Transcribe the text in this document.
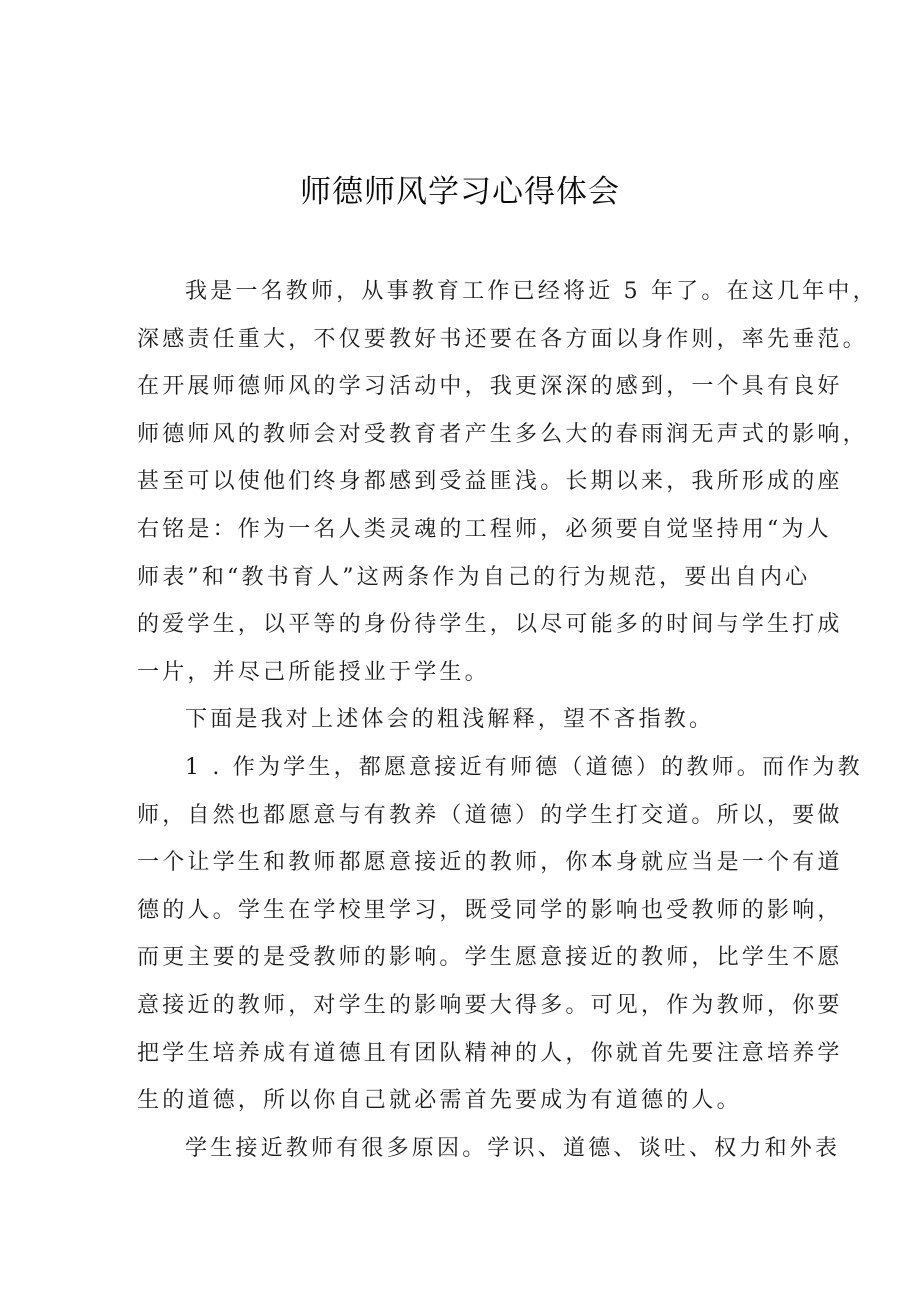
师德师风学习心得体会
我是一名教师，从事教育工作已经将近 5 年了。在这几年中，
深感责任重大，不仅要教好书还要在各方面以身作则，率先垂范。
在开展师德师风的学习活动中，我更深深的感到，一个具有良好
师德师风的教师会对受教育者产生多么大的春雨润无声式的影响，
甚至可以使他们终身都感到受益匪浅。长期以来，我所形成的座
右铭是：作为一名人类灵魂的工程师，必须要自觉坚持用“为人
师表”和“教书育人”这两条作为自己的行为规范，要出自内心
的爱学生，以平等的身份待学生，以尽可能多的时间与学生打成
一片，并尽己所能授业于学生。
下面是我对上述体会的粗浅解释，望不吝指教。
1 . 作为学生，都愿意接近有师德（道德）的教师。而作为教
师，自然也都愿意与有教养（道德）的学生打交道。所以，要做
一个让学生和教师都愿意接近的教师，你本身就应当是一个有道
德的人。学生在学校里学习，既受同学的影响也受教师的影响，
而更主要的是受教师的影响。学生愿意接近的教师，比学生不愿
意接近的教师，对学生的影响要大得多。可见，作为教师，你要
把学生培养成有道德且有团队精神的人，你就首先要注意培养学
生的道德，所以你自己就必需首先要成为有道德的人。
学生接近教师有很多原因。学识、道德、谈吐、权力和外表
